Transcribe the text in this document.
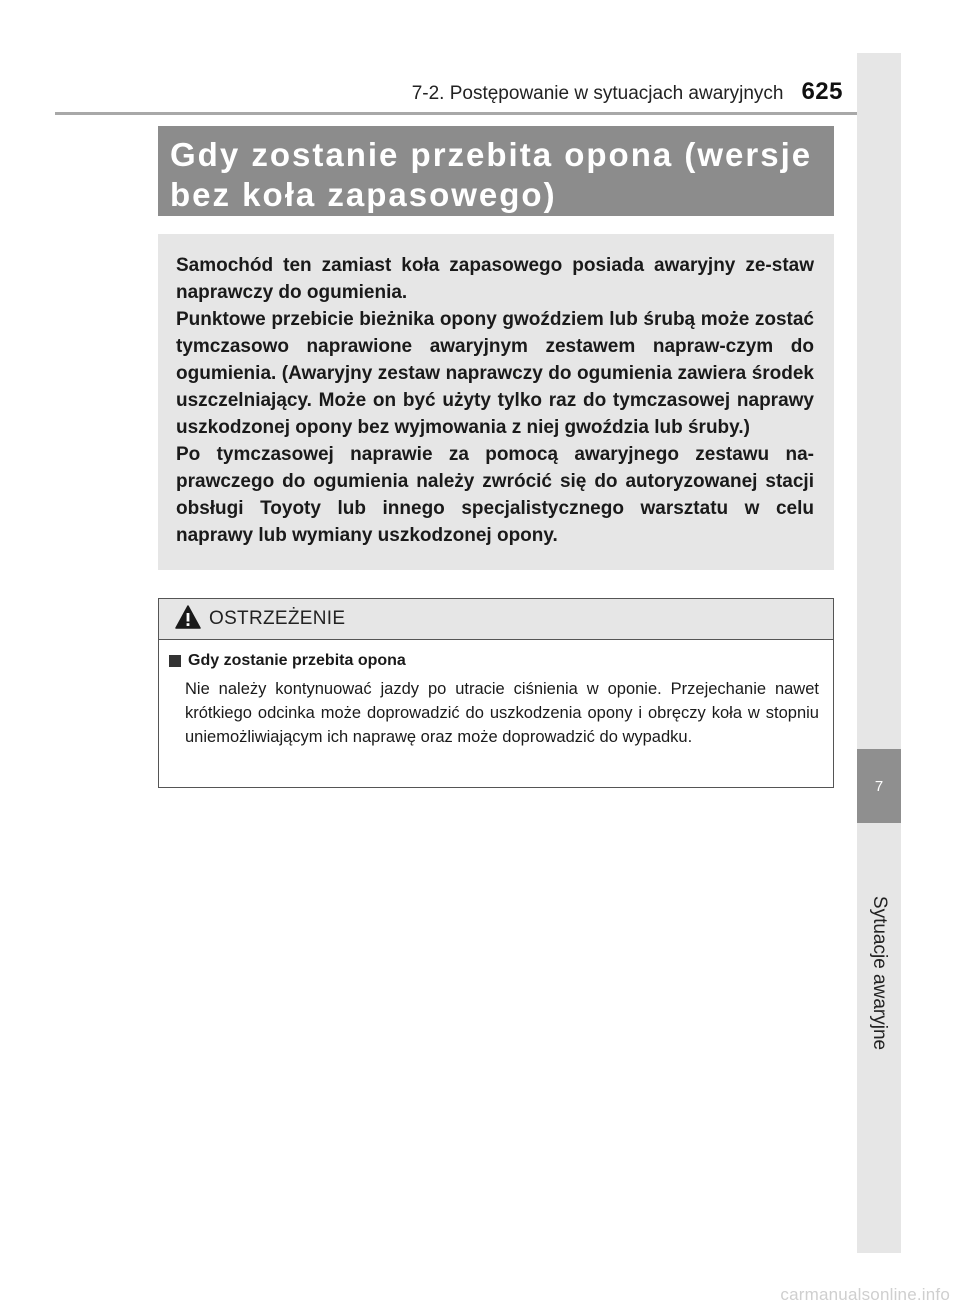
7-2. Postępowanie w sytuacjach awaryjnych 625
7
Sytuacje awaryjne
Gdy zostanie przebita opona (wersje
bez koła zapasowego)

Samochód ten zamiast koła zapasowego posiada awaryjny ze-staw naprawczy do ogumienia.

Punktowe przebicie bieżnika opony gwoździem lub śrubą może zostać tymczasowo naprawione awaryjnym zestawem napraw-czym do ogumienia. (Awaryjny zestaw naprawczy do ogumienia zawiera środek uszczelniający. Może on być użyty tylko raz do tymczasowej naprawy uszkodzonej opony bez wyjmowania z niej gwoździa lub śruby.)

Po tymczasowej naprawie za pomocą awaryjnego zestawu na-prawczego do ogumienia należy zwrócić się do autoryzowanej stacji obsługi Toyoty lub innego specjalistycznego warsztatu w celu naprawy lub wymiany uszkodzonej opony.

OSTRZEŻENIE
Gdy zostanie przebita opona

Nie należy kontynuować jazdy po utracie ciśnienia w oponie. Przejechanie nawet krótkiego odcinka może doprowadzić do uszkodzenia opony i obręczy koła w stopniu uniemożliwiającym ich naprawę oraz może doprowadzić do wypadku.

carmanualsonline.info
